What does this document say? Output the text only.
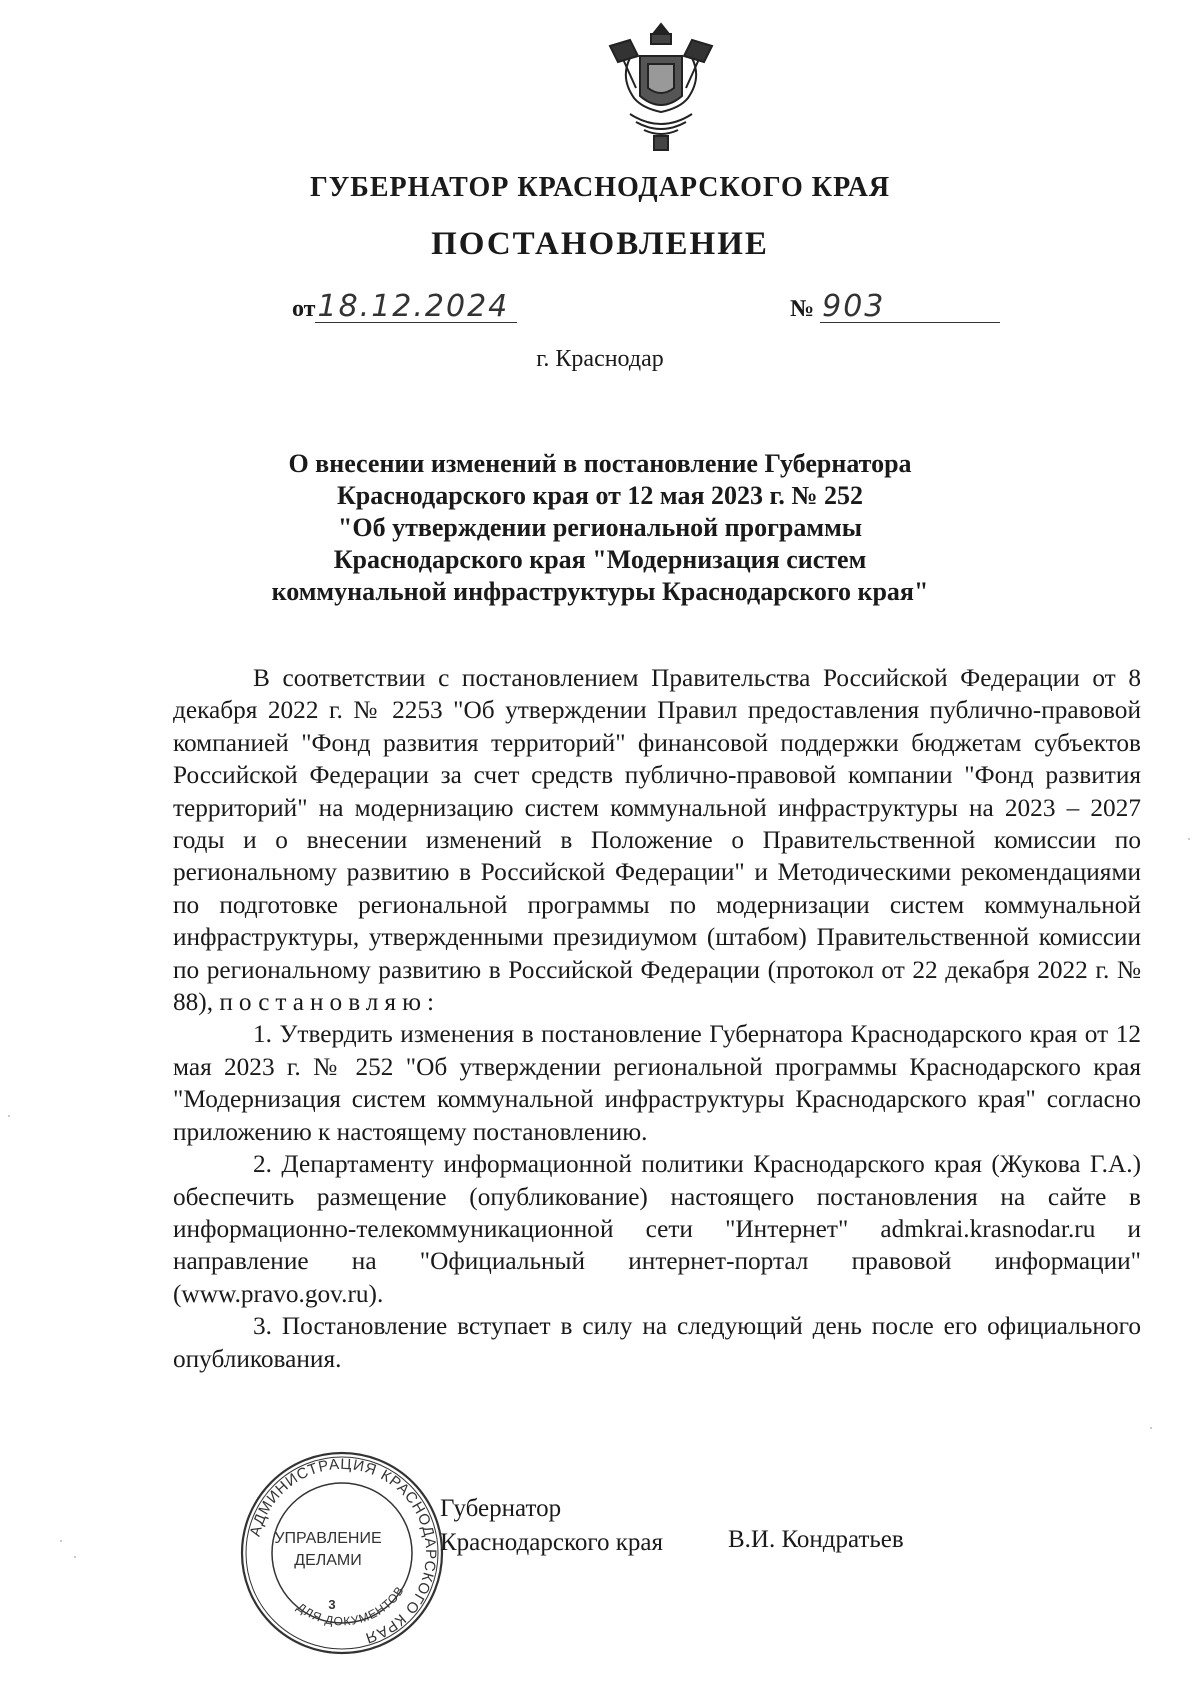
ГУБЕРНАТОР КРАСНОДАРСКОГО КРАЯ
ПОСТАНОВЛЕНИЕ
от18.12.2024	№ 903
г. Краснодар
О внесении изменений в постановление Губернатора
Краснодарского края от 12 мая 2023 г. № 252
"Об утверждении региональной программы
Краснодарского края "Модернизация систем
коммунальной инфраструктуры Краснодарского края"

В соответствии с постановлением Правительства Российской Федерации от 8 декабря 2022 г. № 2253 "Об утверждении Правил предоставления публично-правовой компанией "Фонд развития территорий" финансовой поддержки бюджетам субъектов Российской Федерации за счет средств публично-правовой компании "Фонд развития территорий" на модернизацию систем коммунальной инфраструктуры на 2023 – 2027 годы и о внесении изменений в Положение о Правительственной комиссии по региональному развитию в Российской Федерации" и Методическими рекомендациями по подготовке региональной программы по модернизации систем коммунальной инфраструктуры, утвержденными президиумом (штабом) Правительственной комиссии по региональному развитию в Российской Федерации (протокол от 22 декабря 2022 г. № 88), постановляю:

1. Утвердить изменения в постановление Губернатора Краснодарского края от 12 мая 2023 г. № 252 "Об утверждении региональной программы Краснодарского края "Модернизация систем коммунальной инфраструктуры Краснодарского края" согласно приложению к настоящему постановлению.

2. Департаменту информационной политики Краснодарского края (Жукова Г.А.) обеспечить размещение (опубликование) настоящего постановления на сайте в информационно-телекоммуникационной сети "Интернет" admkrai.krasnodar.ru и направление на "Официальный интернет-портал правовой информации" (www.pravo.gov.ru).

3. Постановление вступает в силу на следующий день после его официального опубликования.

АДМИНИСТРАЦИЯ КРАСНОДАРСКОГО КРАЯ
ДЛЯ ДОКУМЕНТОВ
УПРАВЛЕНИЕ
ДЕЛАМИ
3
Губернатор
Краснодарского края	В.И. Кондратьев
